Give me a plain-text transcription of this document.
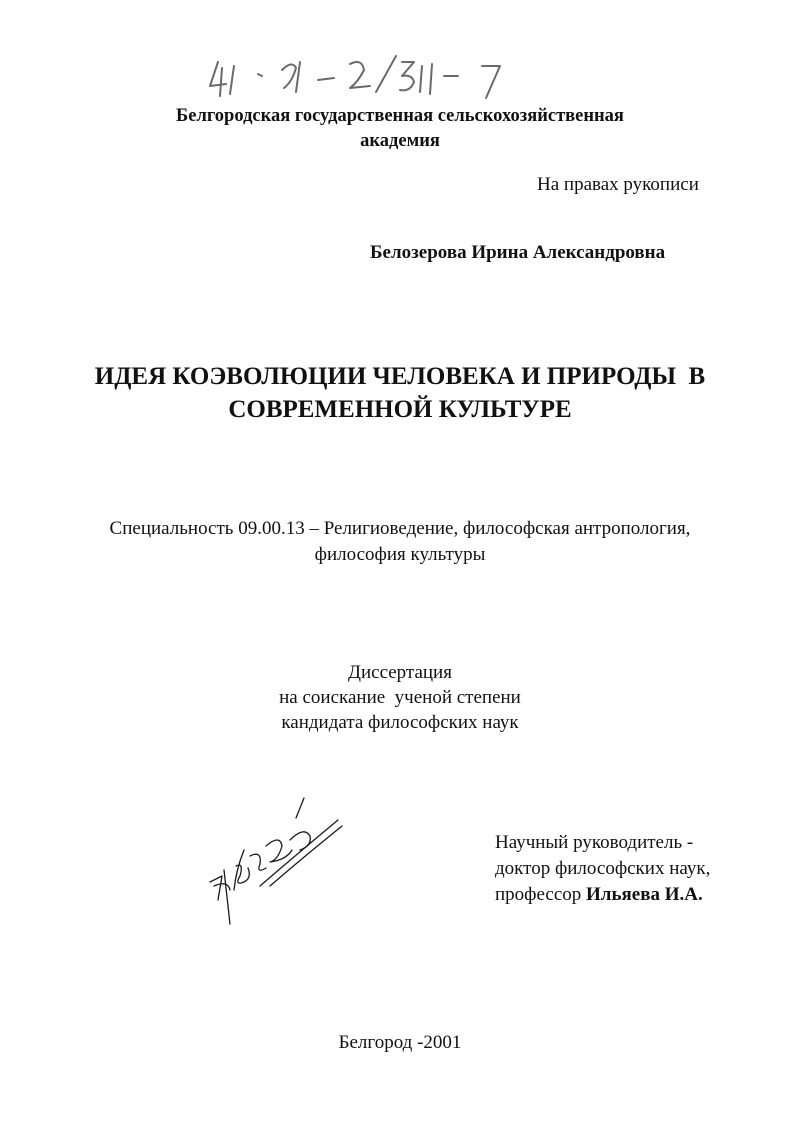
Белгородская государственная сельскохозяйственная
академия
На правах рукописи
Белозерова Ирина Александровна
ИДЕЯ КОЭВОЛЮЦИИ ЧЕЛОВЕКА И ПРИРОДЫ  В
СОВРЕМЕННОЙ КУЛЬТУРЕ
Специальность 09.00.13 – Религиоведение, философская антропология,
философия культуры
Диссертация
на соискание  ученой степени
кандидата философских наук
Научный руководитель -
доктор философских наук,
профессор Ильяева И.А.
Белгород -2001
